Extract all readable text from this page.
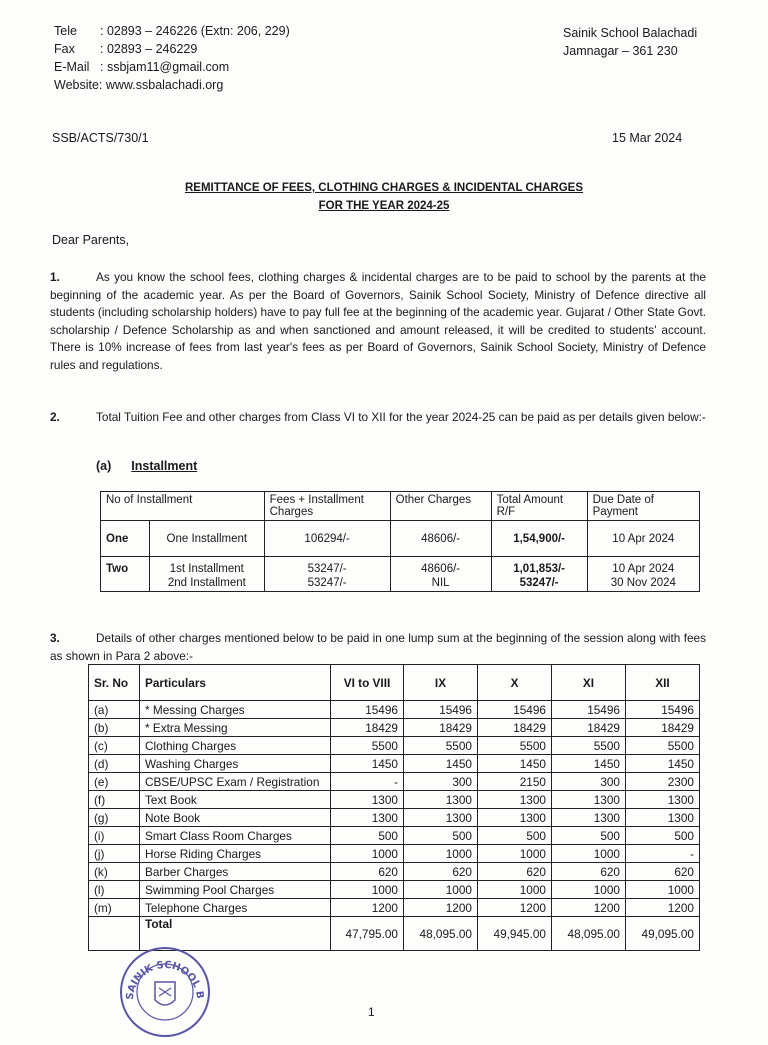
Tele : 02893 – 246226 (Extn: 206, 229)
Fax : 02893 – 246229
E-Mail : ssbjam11@gmail.com
Website: www.ssbalachadi.org
Sainik School Balachadi
Jamnagar – 361 230
SSB/ACTS/730/1	15 Mar 2024
REMITTANCE OF FEES, CLOTHING CHARGES & INCIDENTAL CHARGES
FOR THE YEAR 2024-25
Dear Parents,
1.	As you know the school fees, clothing charges & incidental charges are to be paid to school by the parents at the beginning of the academic year. As per the Board of Governors, Sainik School Society, Ministry of Defence directive all students (including scholarship holders) have to pay full fee at the beginning of the academic year. Gujarat / Other State Govt. scholarship / Defence Scholarship as and when sanctioned and amount released, it will be credited to students' account. There is 10% increase of fees from last year's fees as per Board of Governors, Sainik School Society, Ministry of Defence rules and regulations.
2.	Total Tuition Fee and other charges from Class VI to XII for the year 2024-25 can be paid as per details given below:-
(a) Installment
No of Installment		Fees + Installment Charges	Other Charges	Total Amount R/F	Due Date of Payment
One	One Installment	106294/-	48606/-	1,54,900/-	10 Apr 2024
Two	1st Installment	53247/-	48606/-	1,01,853/-	10 Apr 2024
	2nd Installment	53247/-	NIL	53247/-	30 Nov 2024
3.	Details of other charges mentioned below to be paid in one lump sum at the beginning of the session along with fees as shown in Para 2 above:-
Sr. No	Particulars	VI to VIII	IX	X	XI	XII
(a)	* Messing Charges	15496	15496	15496	15496	15496
(b)	* Extra Messing	18429	18429	18429	18429	18429
(c)	Clothing Charges	5500	5500	5500	5500	5500
(d)	Washing Charges	1450	1450	1450	1450	1450
(e)	CBSE/UPSC Exam / Registration	-	300	2150	300	2300
(f)	Text Book	1300	1300	1300	1300	1300
(g)	Note Book	1300	1300	1300	1300	1300
(i)	Smart Class Room Charges	500	500	500	500	500
(j)	Horse Riding Charges	1000	1000	1000	1000	-
(k)	Barber Charges	620	620	620	620	620
(l)	Swimming Pool Charges	1000	1000	1000	1000	1000
(m)	Telephone Charges	1200	1200	1200	1200	1200
	Total	47,795.00	48,095.00	49,945.00	48,095.00	49,095.00
SAINIK SCHOOL B
1
